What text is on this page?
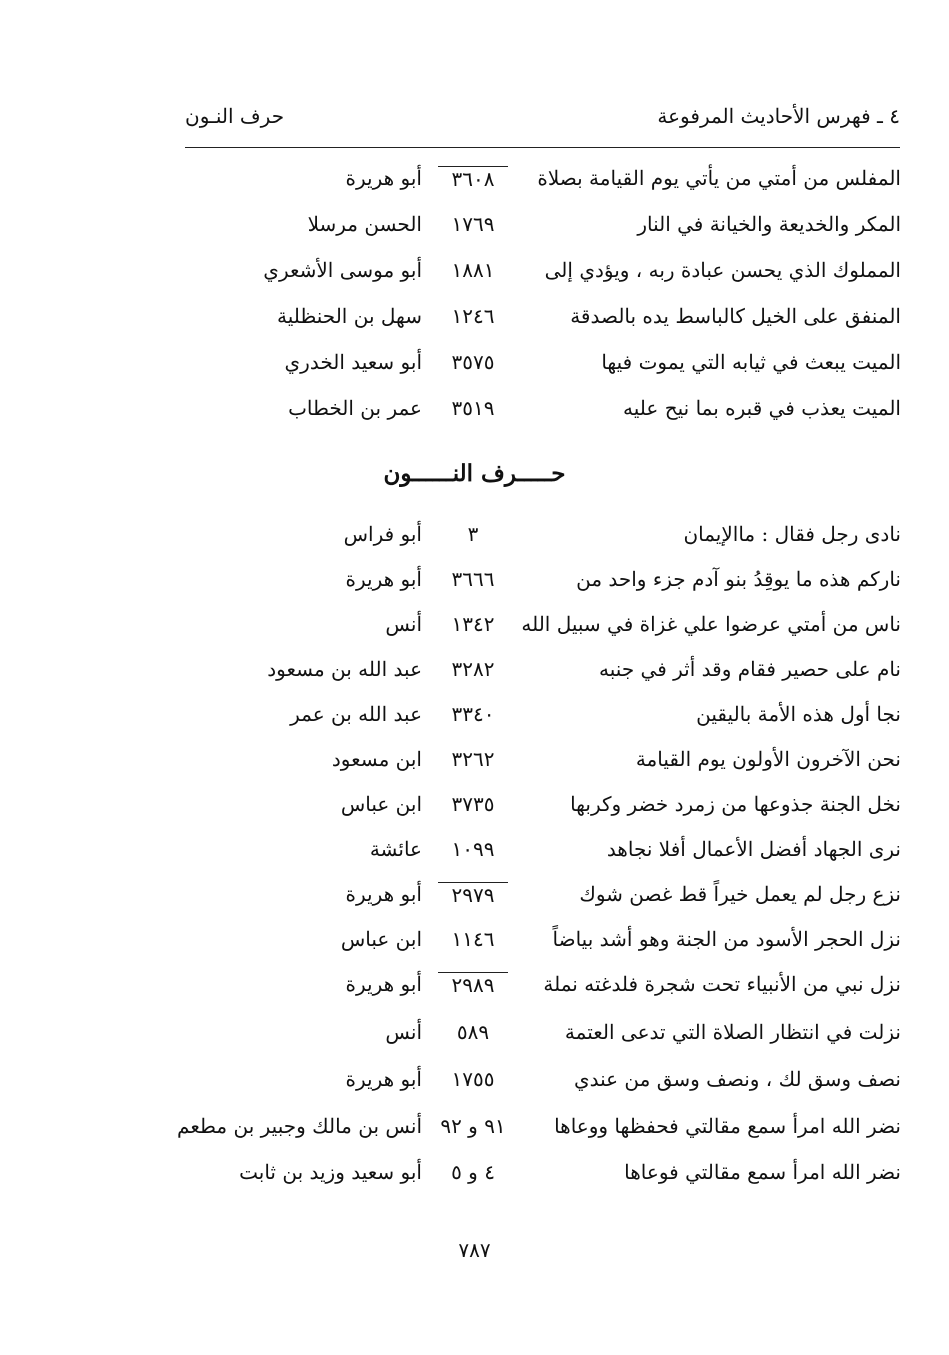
٤ ـ فهرس الأحاديث المرفوعة
حرف النـون
المفلس من أمتي من يأتي يوم القيامة بصلاة
٣٦٠٨
أبو هريرة
المكر والخديعة والخيانة في النار
١٧٦٩
الحسن مرسلا
المملوك الذي يحسن عبادة ربه ، ويؤدي إلى
١٨٨١
أبو موسى الأشعري
المنفق على الخيل كالباسط يده بالصدقة
١٢٤٦
سهل بن الحنظلية
الميت يبعث في ثيابه التي يموت فيها
٣٥٧٥
أبو سعيد الخدري
الميت يعذب في قبره بما نيح عليه
٣٥١٩
عمر بن الخطاب
حـــــرف النــــــون
نادى رجل فقال : ماالإيمان
٣
أبو فراس
ناركم هذه ما يوقِدُ بنو آدم جزء واحد من
٣٦٦٦
أبو هريرة
ناس من أمتي عرضوا علي غزاة في سبيل الله
١٣٤٢
أنس
نام على حصير فقام وقد أثر في جنبه
٣٢٨٢
عبد الله بن مسعود
نجا أول هذه الأمة باليقين
٣٣٤٠
عبد الله بن عمر
نحن الآخرون الأولون يوم القيامة
٣٢٦٢
ابن مسعود
نخل الجنة جذوعها من زمرد خضر وكربها
٣٧٣٥
ابن عباس
نرى الجهاد أفضل الأعمال أفلا نجاهد
١٠٩٩
عائشة
نزع رجل لم يعمل خيراً قط غصن شوك
٢٩٧٩
أبو هريرة
نزل الحجر الأسود من الجنة وهو أشد بياضاً
١١٤٦
ابن عباس
نزل نبي من الأنبياء تحت شجرة فلدغته نملة
٢٩٨٩
أبو هريرة
نزلت في انتظار الصلاة التي تدعى العتمة
٥٨٩
أنس
نصف وسق لك ، ونصف وسق من عندي
١٧٥٥
أبو هريرة
نضر الله امرأ سمع مقالتي فحفظها ووعاها
٩١ و ٩٢
أنس بن مالك وجبير بن مطعم
نضر الله امرأ سمع مقالتي فوعاها
٤ و ٥
أبو سعيد وزيد بن ثابت
٧٨٧
